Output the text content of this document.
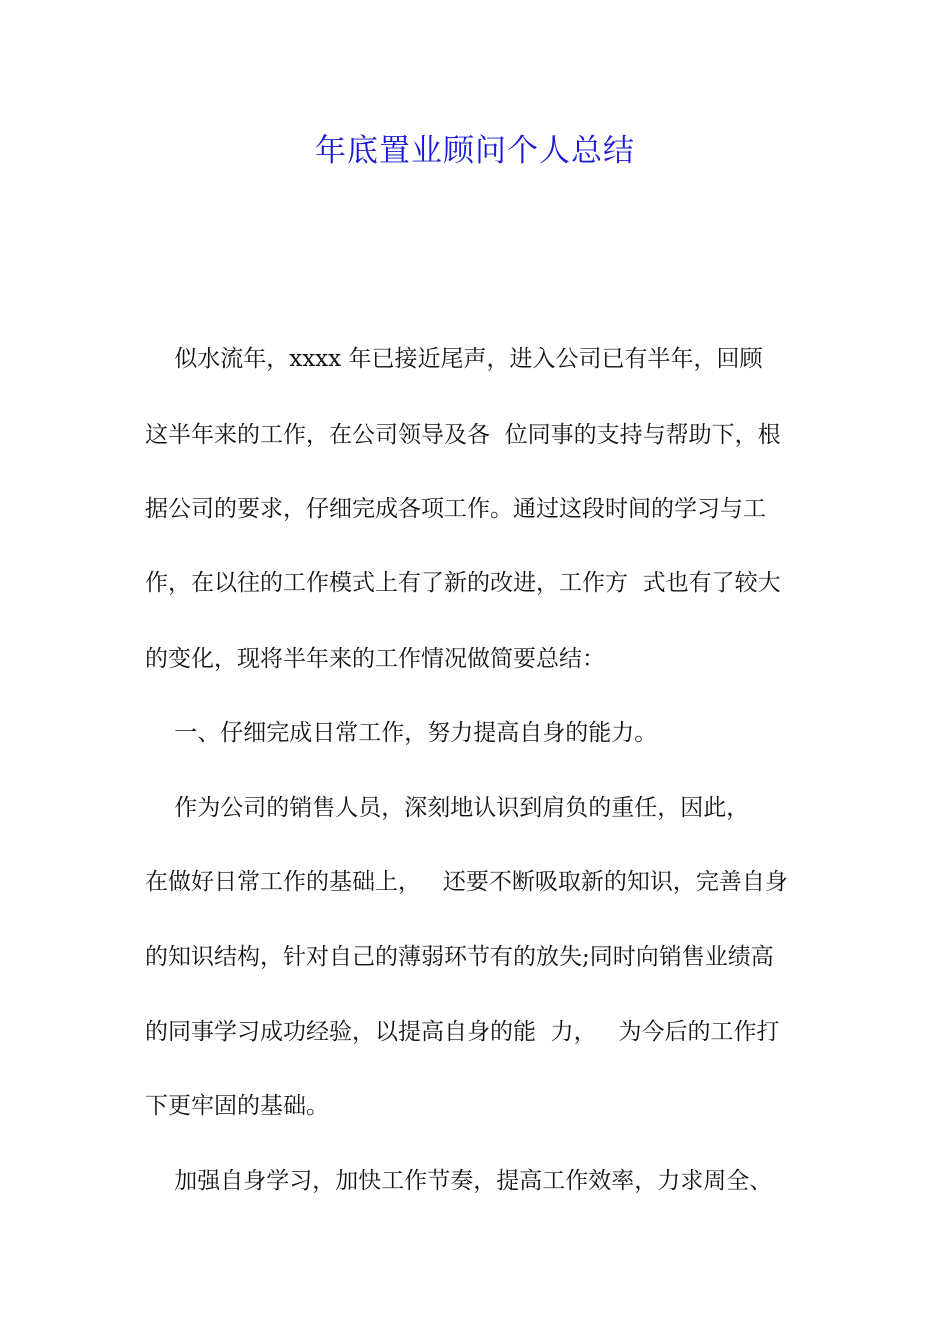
年底置业顾问个人总结

似水流年，xxxx 年已接近尾声，进入公司已有半年，回顾

这半年来的工作，在公司领导及各  位同事的支持与帮助下，根

据公司的要求，仔细完成各项工作。通过这段时间的学习与工

作，在以往的工作模式上有了新的改进，工作方  式也有了较大

的变化，现将半年来的工作情况做简要总结：

一、仔细完成日常工作，努力提高自身的能力。

作为公司的销售人员，深刻地认识到肩负的重任，因此，

在做好日常工作的基础上，   还要不断吸取新的知识，完善自身

的知识结构，针对自己的薄弱环节有的放失;同时向销售业绩高

的同事学习成功经验，以提高自身的能  力，   为今后的工作打

下更牢固的基础。

加强自身学习，加快工作节奏，提高工作效率，力求周全、
